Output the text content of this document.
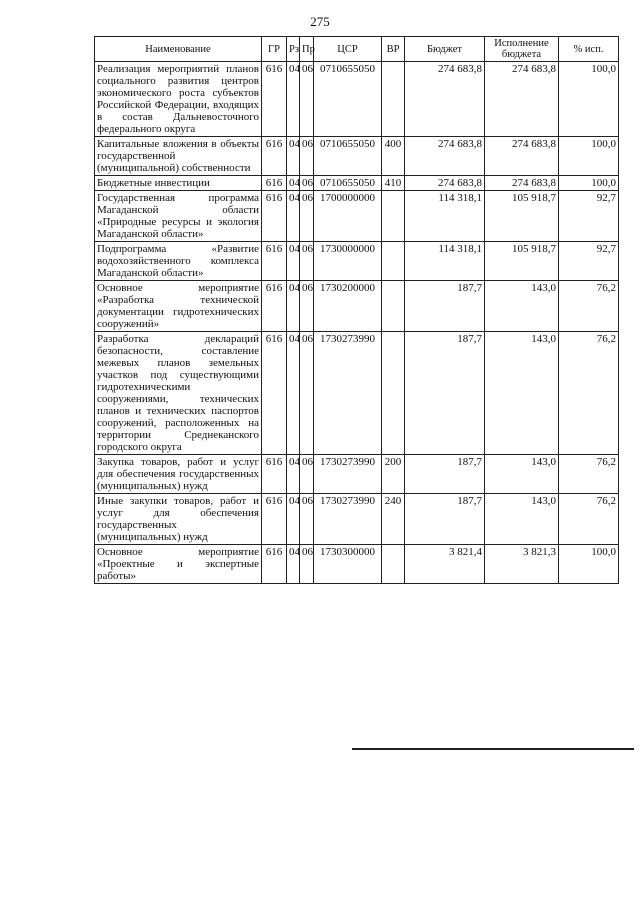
275
Наименование	ГР	Рз	Пр	ЦСР	ВР	Бюджет	Исполнение бюджета	% исп.
Реализация мероприятий планов социального развития центров экономического роста субъектов Российской Федерации, входящих в состав Дальневосточного федерального округа	616	04	06	0710655050		274 683,8	274 683,8	100,0
Капитальные вложения в объекты государственной (муниципальной) собственности	616	04	06	0710655050	400	274 683,8	274 683,8	100,0
Бюджетные инвестиции	616	04	06	0710655050	410	274 683,8	274 683,8	100,0
Государственная программа Магаданской области «Природные ресурсы и экология Магаданской области»	616	04	06	1700000000		114 318,1	105 918,7	92,7
Подпрограмма «Развитие водохозяйственного комплекса Магаданской области»	616	04	06	1730000000		114 318,1	105 918,7	92,7
Основное мероприятие «Разработка технической документации гидротехнических сооружений»	616	04	06	1730200000		187,7	143,0	76,2
Разработка деклараций безопасности, составление межевых планов земельных участков под существующими гидротехническими сооружениями, технических планов и технических паспортов сооружений, расположенных на территории Среднеканского городского округа	616	04	06	1730273990		187,7	143,0	76,2
Закупка товаров, работ и услуг для обеспечения государственных (муниципальных) нужд	616	04	06	1730273990	200	187,7	143,0	76,2
Иные закупки товаров, работ и услуг для обеспечения государственных (муниципальных) нужд	616	04	06	1730273990	240	187,7	143,0	76,2
Основное мероприятие «Проектные и экспертные работы»	616	04	06	1730300000		3 821,4	3 821,3	100,0
